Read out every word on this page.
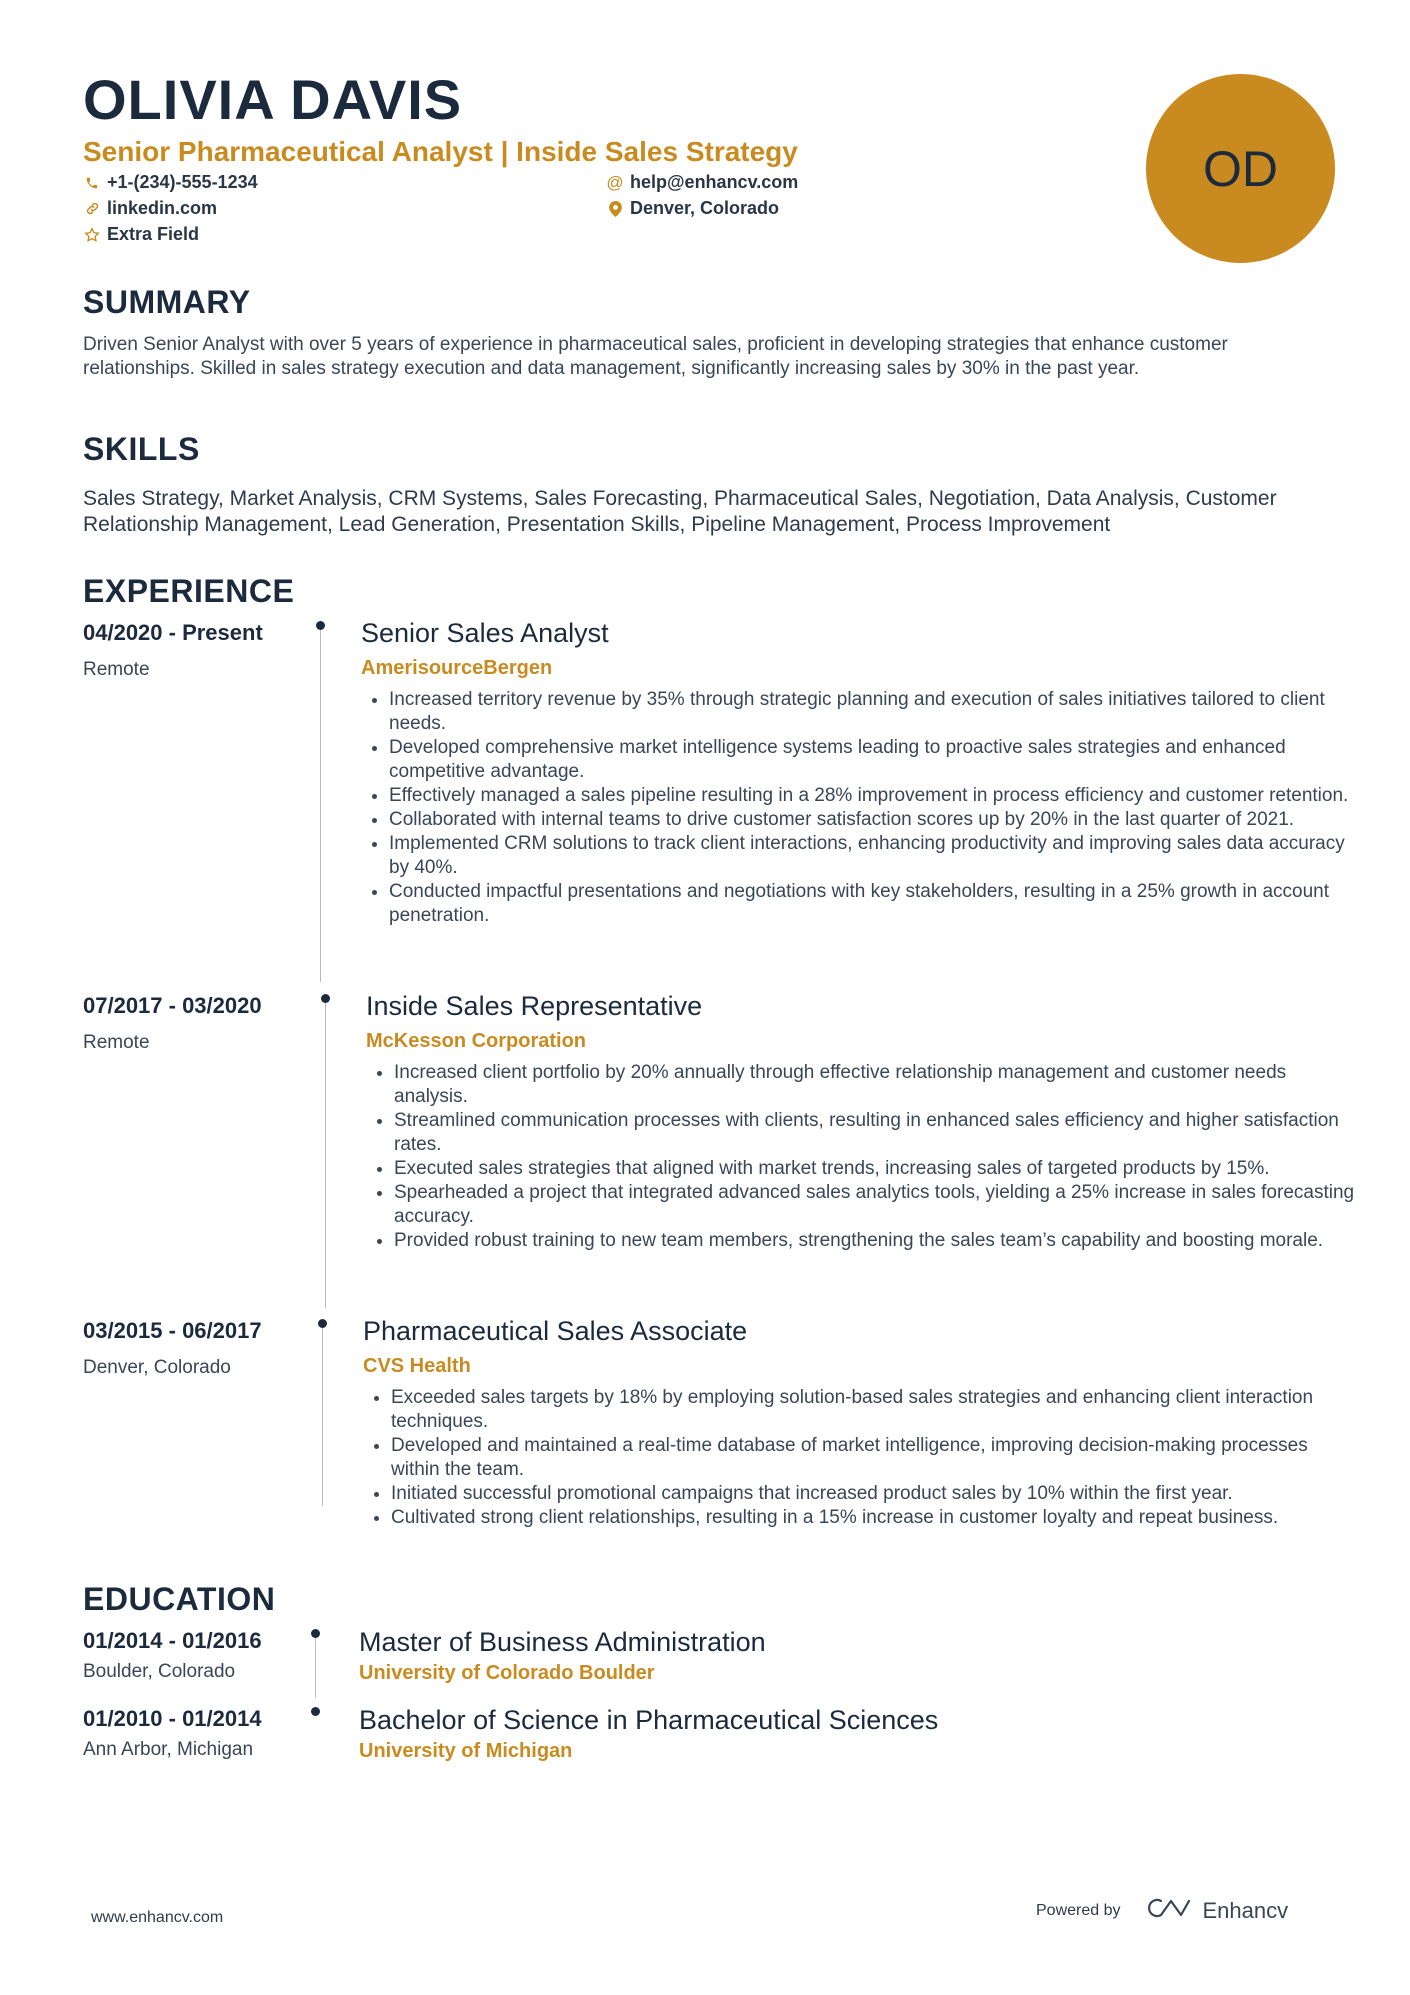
OLIVIA DAVIS
Senior Pharmaceutical Analyst | Inside Sales Strategy
+1-(234)-555-1234	@ help@enhancv.com
linkedin.com	Denver, Colorado
Extra Field
OD
SUMMARY
Driven Senior Analyst with over 5 years of experience in pharmaceutical sales, proficient in developing strategies that enhance customer relationships. Skilled in sales strategy execution and data management, significantly increasing sales by 30% in the past year.
SKILLS
Sales Strategy, Market Analysis, CRM Systems, Sales Forecasting, Pharmaceutical Sales, Negotiation, Data Analysis, Customer Relationship Management, Lead Generation, Presentation Skills, Pipeline Management, Process Improvement
EXPERIENCE
04/2020 - Present
Remote
Senior Sales Analyst
AmerisourceBergen
• Increased territory revenue by 35% through strategic planning and execution of sales initiatives tailored to client needs.
• Developed comprehensive market intelligence systems leading to proactive sales strategies and enhanced competitive advantage.
• Effectively managed a sales pipeline resulting in a 28% improvement in process efficiency and customer retention.
• Collaborated with internal teams to drive customer satisfaction scores up by 20% in the last quarter of 2021.
• Implemented CRM solutions to track client interactions, enhancing productivity and improving sales data accuracy by 40%.
• Conducted impactful presentations and negotiations with key stakeholders, resulting in a 25% growth in account penetration.
07/2017 - 03/2020
Remote
Inside Sales Representative
McKesson Corporation
• Increased client portfolio by 20% annually through effective relationship management and customer needs analysis.
• Streamlined communication processes with clients, resulting in enhanced sales efficiency and higher satisfaction rates.
• Executed sales strategies that aligned with market trends, increasing sales of targeted products by 15%.
• Spearheaded a project that integrated advanced sales analytics tools, yielding a 25% increase in sales forecasting accuracy.
• Provided robust training to new team members, strengthening the sales team’s capability and boosting morale.
03/2015 - 06/2017
Denver, Colorado
Pharmaceutical Sales Associate
CVS Health
• Exceeded sales targets by 18% by employing solution-based sales strategies and enhancing client interaction techniques.
• Developed and maintained a real-time database of market intelligence, improving decision-making processes within the team.
• Initiated successful promotional campaigns that increased product sales by 10% within the first year.
• Cultivated strong client relationships, resulting in a 15% increase in customer loyalty and repeat business.
EDUCATION
01/2014 - 01/2016
Boulder, Colorado
Master of Business Administration
University of Colorado Boulder
01/2010 - 01/2014
Ann Arbor, Michigan
Bachelor of Science in Pharmaceutical Sciences
University of Michigan
www.enhancv.com	Powered by	Enhancv
